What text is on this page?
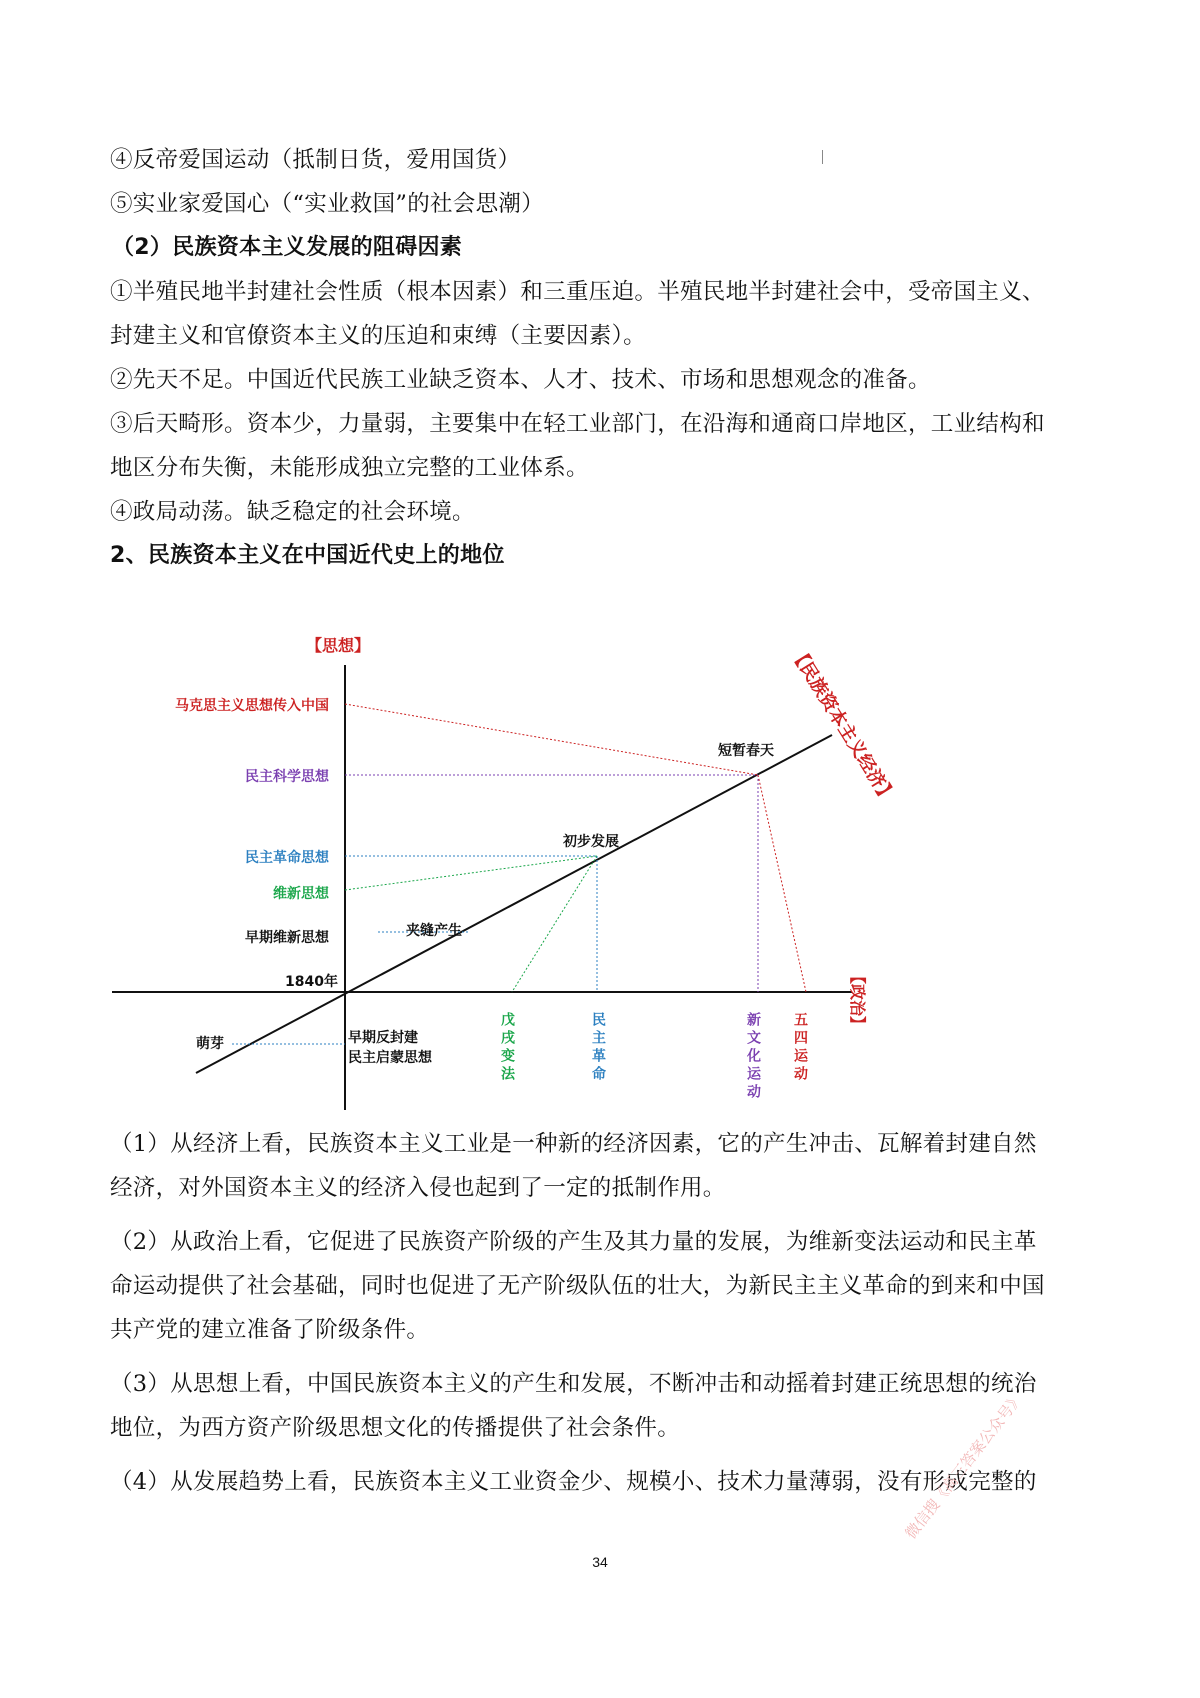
④反帝爱国运动（抵制日货，爱用国货）
⑤实业家爱国心（“实业救国”的社会思潮）
（2）民族资本主义发展的阻碍因素
①半殖民地半封建社会性质（根本因素）和三重压迫。半殖民地半封建社会中，受帝国主义、
封建主义和官僚资本主义的压迫和束缚（主要因素）。
②先天不足。中国近代民族工业缺乏资本、人才、技术、市场和思想观念的准备。
③后天畸形。资本少，力量弱，主要集中在轻工业部门，在沿海和通商口岸地区，工业结构和
地区分布失衡，未能形成独立完整的工业体系。
④政局动荡。缺乏稳定的社会环境。
2、民族资本主义在中国近代史上的地位
【思想】
【政治】
【民族资本主义经济】
1840年
马克思主义思想传入中国
民主科学思想
民主革命思想
维新思想
早期维新思想
短暂春天
初步发展
夹缝产生
萌芽	早期反封建
民主启蒙思想	戊戌变法	民主革命	新文化运动 五四运动
（1）从经济上看，民族资本主义工业是一种新的经济因素，它的产生冲击、瓦解着封建自然
经济，对外国资本主义的经济入侵也起到了一定的抵制作用。
（2）从政治上看，它促进了民族资产阶级的产生及其力量的发展，为维新变法运动和民主革
命运动提供了社会基础，同时也促进了无产阶级队伍的壮大，为新民主主义革命的到来和中国
共产党的建立准备了阶级条件。
（3）从思想上看，中国民族资本主义的产生和发展，不断冲击和动摇着封建正统思想的统治
地位，为西方资产阶级思想文化的传播提供了社会条件。
（4）从发展趋势上看，民族资本主义工业资金少、规模小、技术力量薄弱，没有形成完整的
34
微信搜《高三答案公众号》
